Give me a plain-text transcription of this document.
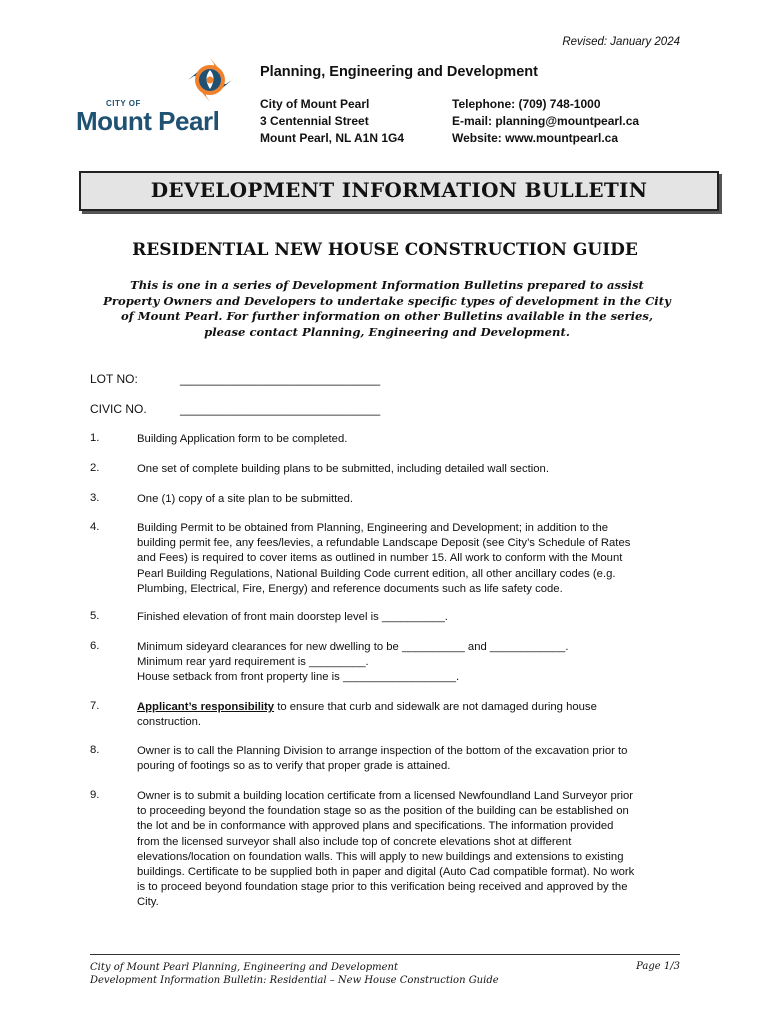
Revised: January 2024
CITY OF
Mount Pearl
Planning, Engineering and Development
City of Mount Pearl
3 Centennial Street
Mount Pearl, NL A1N 1G4
Telephone: (709) 748-1000
E-mail: planning@mountpearl.ca
Website: www.mountpearl.ca
DEVELOPMENT INFORMATION BULLETIN
RESIDENTIAL NEW HOUSE CONSTRUCTION GUIDE
This is one in a series of Development Information Bulletins prepared to assist
Property Owners and Developers to undertake specific types of development in the City
of Mount Pearl. For further information on other Bulletins available in the series,
please contact Planning, Engineering and Development.
LOT NO:	______________________________
CIVIC NO.	______________________________
1.	Building Application form to be completed.
2.	One set of complete building plans to be submitted, including detailed wall section.
3.	One (1) copy of a site plan to be submitted.
4.	Building Permit to be obtained from Planning, Engineering and Development; in addition to the
building permit fee, any fees/levies, a refundable Landscape Deposit (see City’s Schedule of Rates
and Fees) is required to cover items as outlined in number 15. All work to conform with the Mount
Pearl Building Regulations, National Building Code current edition, all other ancillary codes (e.g.
Plumbing, Electrical, Fire, Energy) and reference documents such as life safety code.
5.	Finished elevation of front main doorstep level is __________.
6.	Minimum sideyard clearances for new dwelling to be __________ and ____________.
Minimum rear yard requirement is _________.
House setback from front property line is __________________.
7.	Applicant’s responsibility to ensure that curb and sidewalk are not damaged during house
construction.
8.	Owner is to call the Planning Division to arrange inspection of the bottom of the excavation prior to
pouring of footings so as to verify that proper grade is attained.
9.	Owner is to submit a building location certificate from a licensed Newfoundland Land Surveyor prior
to proceeding beyond the foundation stage so as the position of the building can be established on
the lot and be in conformance with approved plans and specifications. The information provided
from the licensed surveyor shall also include top of concrete elevations shot at different
elevations/location on foundation walls. This will apply to new buildings and extensions to existing
buildings. Certificate to be supplied both in paper and digital (Auto Cad compatible format). No work
is to proceed beyond foundation stage prior to this verification being received and approved by the
City.
City of Mount Pearl Planning, Engineering and Development
Development Information Bulletin: Residential – New House Construction Guide
Page 1/3
